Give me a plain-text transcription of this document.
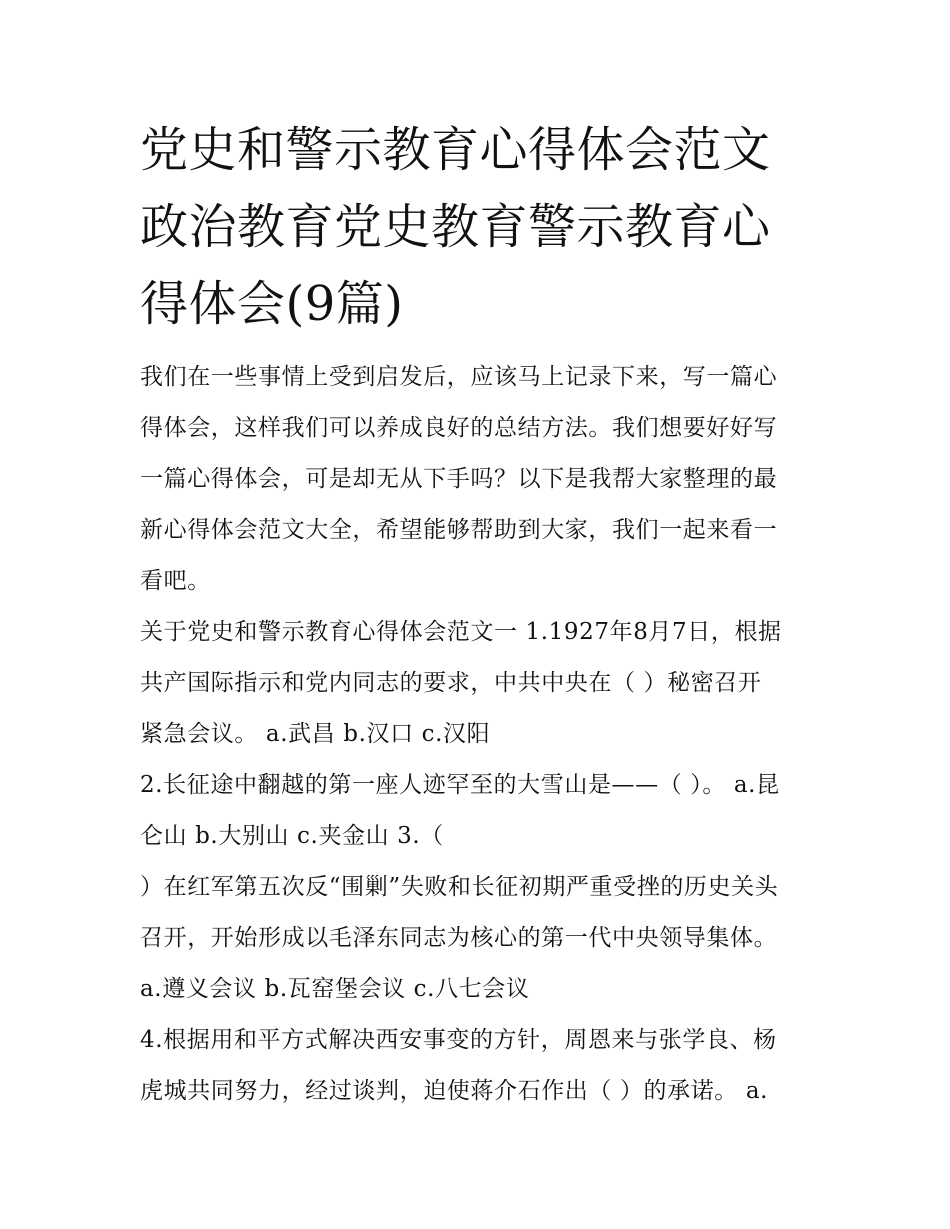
党史和警示教育心得体会范文
政治教育党史教育警示教育心
得体会(9篇)

我们在一些事情上受到启发后，应该马上记录下来，写一篇心
得体会，这样我们可以养成良好的总结方法。我们想要好好写
一篇心得体会，可是却无从下手吗？以下是我帮大家整理的最
新心得体会范文大全，希望能够帮助到大家，我们一起来看一
看吧。

关于党史和警示教育心得体会范文一 1.1927年8月7日，根据
共产国际指示和党内同志的要求，中共中央在（ ）秘密召开
紧急会议。 a.武昌 b.汉口 c.汉阳

2.长征途中翻越的第一座人迹罕至的大雪山是——（ ）。 a.昆
仑山 b.大别山 c.夹金山 3.（
）在红军第五次反“围剿”失败和长征初期严重受挫的历史关头
召开，开始形成以毛泽东同志为核心的第一代中央领导集体。
a.遵义会议 b.瓦窑堡会议 c.八七会议

4.根据用和平方式解决西安事变的方针，周恩来与张学良、杨
虎城共同努力，经过谈判，迫使蒋介石作出（ ）的承诺。 a.
